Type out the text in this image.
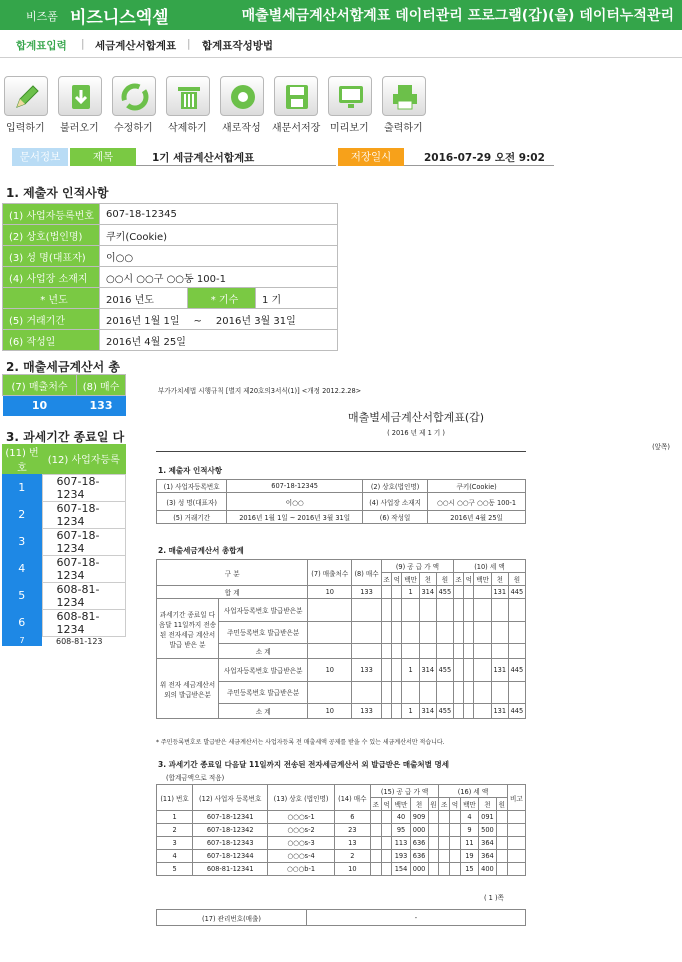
비즈폼 비즈니스엑셀	매출별세금계산서합계표 데이터관리 프로그램(갑)(을) 데이터누적관리
합계표입력 | 세금계산서합계표 | 합계표작성방법
입력하기 불러오기 수정하기 삭제하기 새로작성 새문서저장 미리보기 출력하기
문서정보	제목	1기 세금계산서합계표	저장일시	2016-07-29 오전 9:02
1. 제출자 인적사항
(1) 사업자등록번호	607-18-12345		
(2) 상호(법인명)	쿠키(Cookie)		
(3) 성 명(대표자)	이○○		
(4) 사업장 소재지	○○시 ○○구 ○○동 100-1		
* 년도	2016 년도	* 기수	1 기
(5) 거래기간	2016년 1월 1일 ~ 2016년 3월 31일		
(6) 작성일	2016년 4월 25일		
2. 매출세금계산서 총
(7) 매출처수	(8) 매수
10	133
3. 과세기간 종료일 다
(11) 번호	(12) 사업자등록
1	607-18-1234
2	607-18-1234
3	607-18-1234
4	607-18-1234
5	608-81-1234
6	608-81-1234
7	608-81-123
부가가치세법 시행규칙 [별지 제20호의3서식(1)] <개정 2012.2.28>
매출별세금계산서합계표(갑)
( 2016 년 제 1 기 )
(앞쪽)
1. 제출자 인적사항
(1) 사업자등록번호	607-18-12345	(2) 상호(법인명)	쿠키(Cookie)
(3) 성 명(대표자)	이○○	(4) 사업장 소재지	○○시 ○○구 ○○동 100-1
(5) 거래기간	2016년 1월 1일 ~ 2016년 3월 31일	(6) 작성일	2016년 4월 25일
2. 매출세금계산서 총합계
구 분		(7) 매출처수	(8) 매수	(9) 공 급 가 액					(10) 세 액				
				조	억	백만	천	원	조	억	백만	천	원
합 계		10	133			1	314	455				131	445
과세기간 종료일 다음달 11일까지 전송된 전자세금 계산서 발급 받은 분	사업자등록번호 발급받은분												
	주민등록번호 발급받은분												
	소 계												
위 전자 세금계산서 외의 발급받은분	사업자등록번호 발급받은분	10	133			1	314	455				131	445
	주민등록번호 발급받은분												
	소 계	10	133			1	314	455				131	445
* 주민등록번호로 발급받은 세금계산서는 사업자등록 전 매출세액 공제를 받을 수 있는 세금계산서만 적습니다.
3. 과세기간 종료일 다음달 11일까지 전송된 전자세금계산서 외 발급받은 매출처별 명세
(합계금액으로 적음)
(11) 번호	(12) 사업자 등록번호	(13) 상호 (법인명)	(14) 매수	(15) 공 급 가 액					(16) 세 액					비고
				조	억	백만	천	원	조	억	백만	천	원	
1	607-18-12341	○○○s-1	6			40	909				4	091		
2	607-18-12342	○○○s-2	23			95	000				9	500		
3	607-18-12343	○○○s-3	13			113	636				11	364		
4	607-18-12344	○○○s-4	2			193	636				19	364		
5	608-81-12341	○○○b-1	10			154	000				15	400		
( 1 )쪽
(17) 관리번호(매출)	-
